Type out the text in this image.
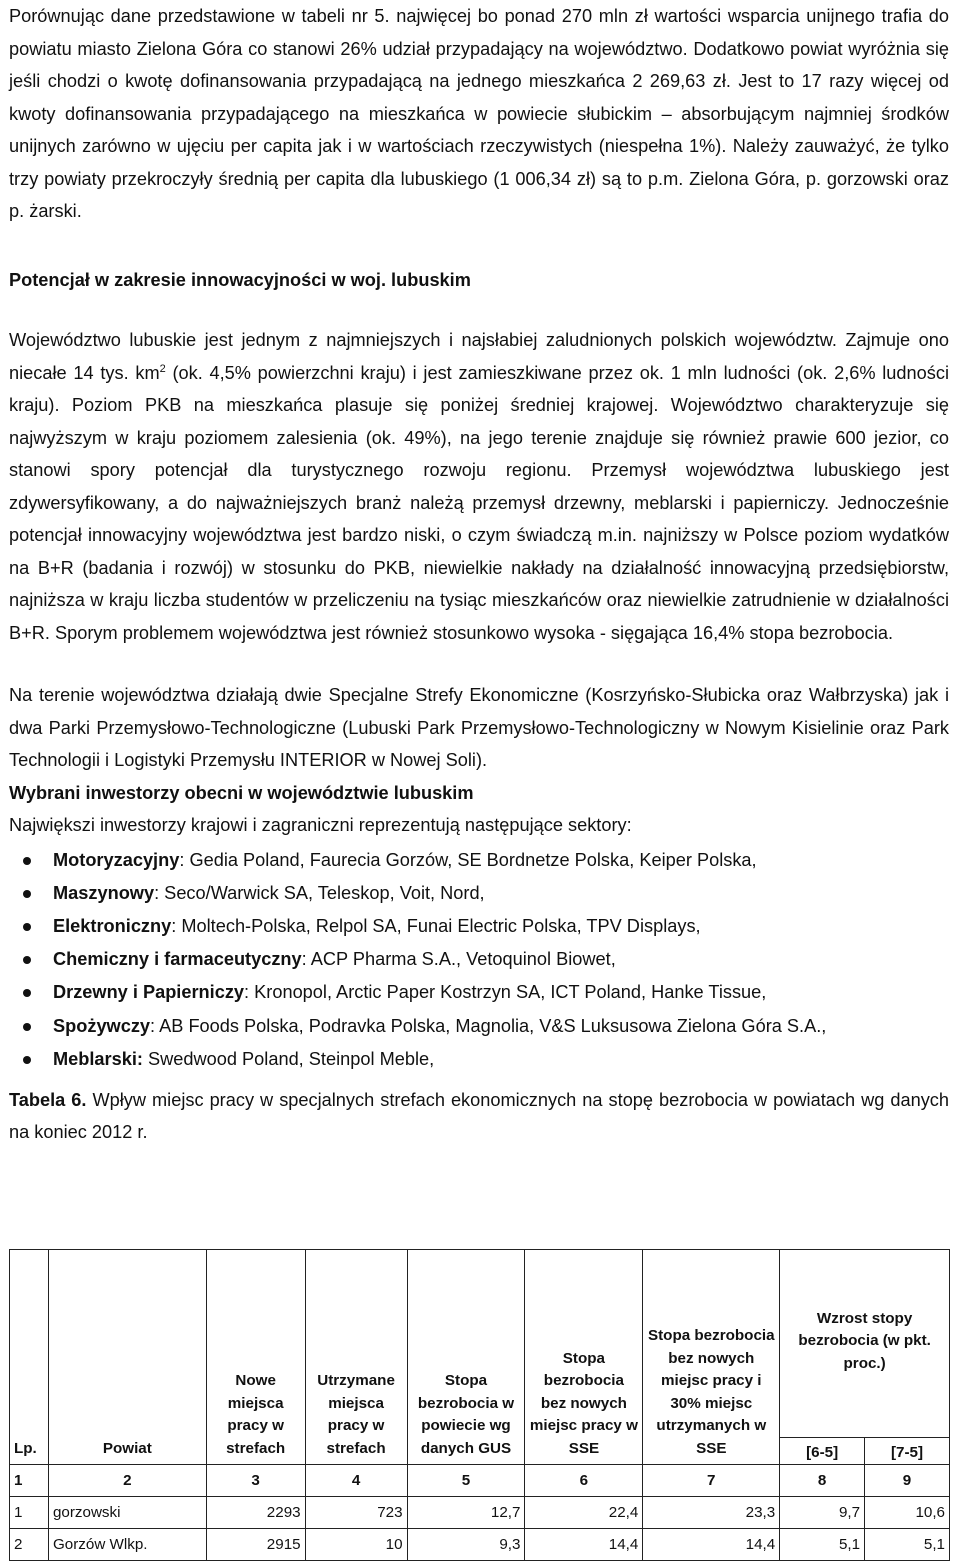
Porównując dane przedstawione w tabeli nr 5. najwięcej bo ponad 270 mln zł wartości wsparcia unijnego trafia do powiatu miasto Zielona Góra co stanowi 26% udział przypadający na województwo. Dodatkowo powiat wyróżnia się jeśli chodzi o kwotę dofinansowania przypadającą na jednego mieszkańca 2 269,63 zł. Jest to 17 razy więcej od kwoty dofinansowania przypadającego na mieszkańca w powiecie słubickim – absorbującym najmniej środków unijnych zarówno w ujęciu per capita jak i w wartościach rzeczywistych (niespełna 1%). Należy zauważyć, że tylko trzy powiaty przekroczyły średnią per capita dla lubuskiego (1 006,34 zł) są to p.m. Zielona Góra, p. gorzowski oraz p. żarski.

Potencjał w zakresie innowacyjności w woj. lubuskim

Województwo lubuskie jest jednym z najmniejszych i najsłabiej zaludnionych polskich województw. Zajmuje ono niecałe 14 tys. $km^2$ (ok. 4,5% powierzchni kraju) i jest zamieszkiwane przez ok. 1 mln ludności (ok. 2,6% ludności kraju). Poziom PKB na mieszkańca plasuje się poniżej średniej krajowej. Województwo charakteryzuje się najwyższym w kraju poziomem zalesienia (ok. 49%), na jego terenie znajduje się również prawie 600 jezior, co stanowi spory potencjał dla turystycznego rozwoju regionu. Przemysł województwa lubuskiego jest zdywersyfikowany, a do najważniejszych branż należą przemysł drzewny, meblarski i papierniczy. Jednocześnie potencjał innowacyjny województwa jest bardzo niski, o czym świadczą m.in. najniższy w Polsce poziom wydatków na B+R (badania i rozwój) w stosunku do PKB, niewielkie nakłady na działalność innowacyjną przedsiębiorstw, najniższa w kraju liczba studentów w przeliczeniu na tysiąc mieszkańców oraz niewielkie zatrudnienie w działalności B+R. Sporym problemem województwa jest również stosunkowo wysoka - sięgająca 16,4% stopa bezrobocia.

Na terenie województwa działają dwie Specjalne Strefy Ekonomiczne (Kosrzyńsko-Słubicka oraz Wałbrzyska) jak i dwa Parki Przemysłowo-Technologiczne (Lubuski Park Przemysłowo-Technologiczny w Nowym Kisielinie oraz Park Technologii i Logistyki Przemysłu INTERIOR w Nowej Soli).

Wybrani inwestorzy obecni w województwie lubuskim

Największi inwestorzy krajowi i zagraniczni reprezentują następujące sektory:

Motoryzacyjny: Gedia Poland, Faurecia Gorzów, SE Bordnetze Polska, Keiper Polska,
Maszynowy: Seco/Warwick SA, Teleskop, Voit, Nord,
Elektroniczny: Moltech-Polska, Relpol SA, Funai Electric Polska, TPV Displays,
Chemiczny i farmaceutyczny: ACP Pharma S.A., Vetoquinol Biowet,
Drzewny i Papierniczy: Kronopol, Arctic Paper Kostrzyn SA, ICT Poland, Hanke Tissue,
Spożywczy: AB Foods Polska, Podravka Polska, Magnolia, V&S Luksusowa Zielona Góra S.A.,
Meblarski: Swedwood Poland, Steinpol Meble,

Tabela 6. Wpływ miejsc pracy w specjalnych strefach ekonomicznych na stopę bezrobocia w powiatach wg danych na koniec 2012 r.

Lp.	Powiat	Nowe miejsca pracy w strefach	Utrzymane miejsca pracy w strefach	Stopa bezrobocia w powiecie wg danych GUS	Stopa bezrobocia bez nowych miejsc pracy w SSE	Stopa bezrobocia bez nowych miejsc pracy i 30% miejsc utrzymanych w SSE	Wzrost stopy bezrobocia (w pkt. proc.)	
							[6-5]	[7-5]
1	2	3	4	5	6	7	8	9
1	gorzowski	2293	723	12,7	22,4	23,3	9,7	10,6
2	Gorzów Wlkp.	2915	10	9,3	14,4	14,4	5,1	5,1
